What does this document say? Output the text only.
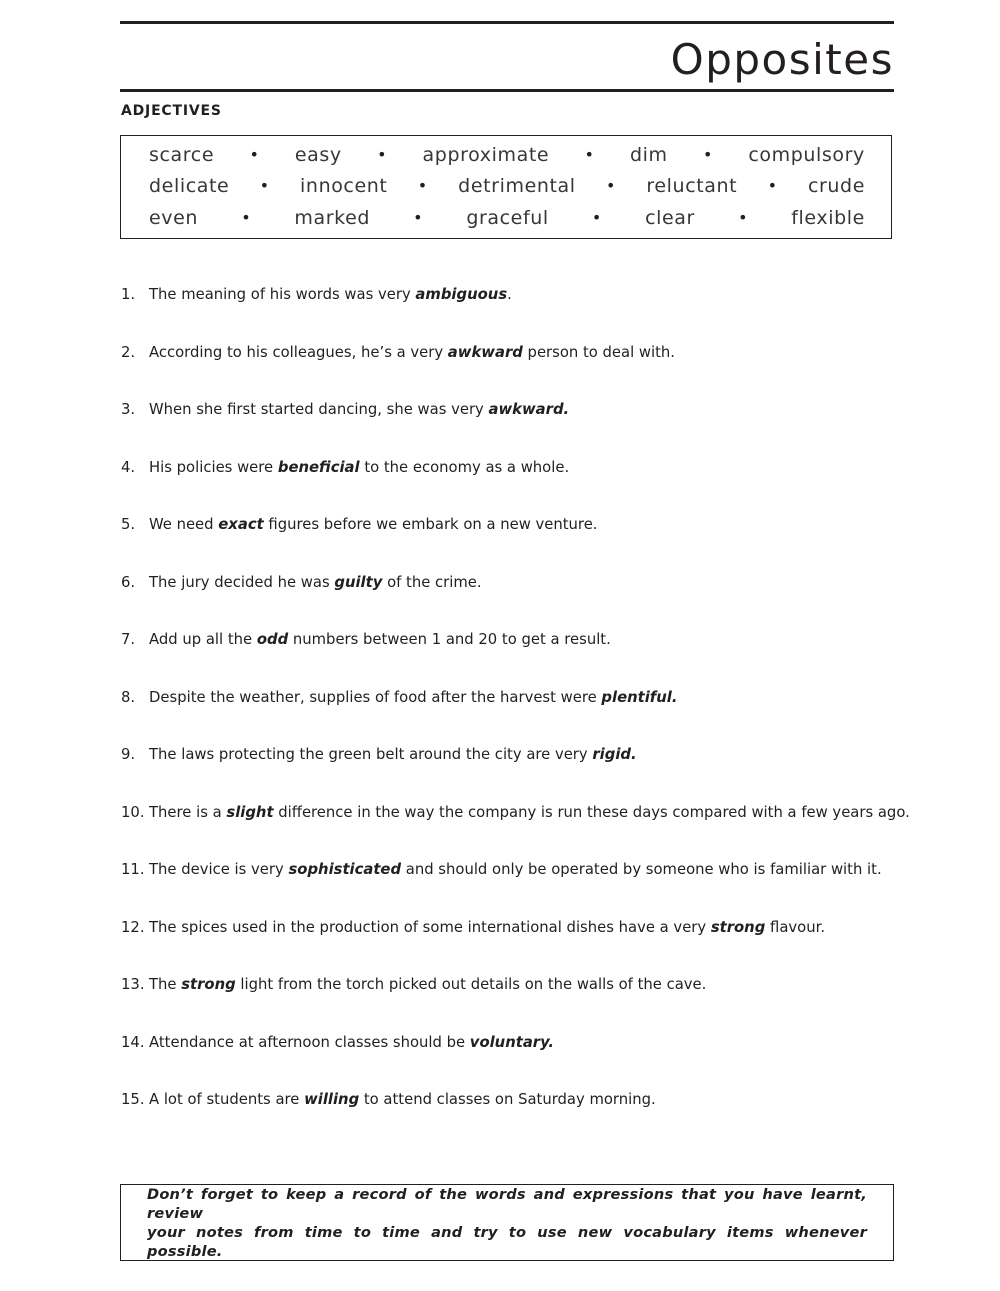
Opposites
ADJECTIVES
scarce • easy • approximate • dim • compulsory
delicate • innocent • detrimental • reluctant • crude
even	• marked	• graceful	• clear	• flexible
1. The meaning of his words was very ambiguous.
2. According to his colleagues, he’s a very awkward person to deal with.
3. When she first started dancing, she was very awkward.
4. His policies were beneficial to the economy as a whole.
5. We need exact figures before we embark on a new venture.
6. The jury decided he was guilty of the crime.
7. Add up all the odd numbers between 1 and 20 to get a result.
8. Despite the weather, supplies of food after the harvest were plentiful.
9. The laws protecting the green belt around the city are very rigid.
10. There is a slight difference in the way the company is run these days compared with a few years ago.
11. The device is very sophisticated and should only be operated by someone who is familiar with it.
12. The spices used in the production of some international dishes have a very strong flavour.
13. The strong light from the torch picked out details on the walls of the cave.
14. Attendance at afternoon classes should be voluntary.
15. A lot of students are willing to attend classes on Saturday morning.
Don’t forget to keep a record of the words and expressions that you have learnt, review
your notes from time to time and try to use new vocabulary items whenever possible.
